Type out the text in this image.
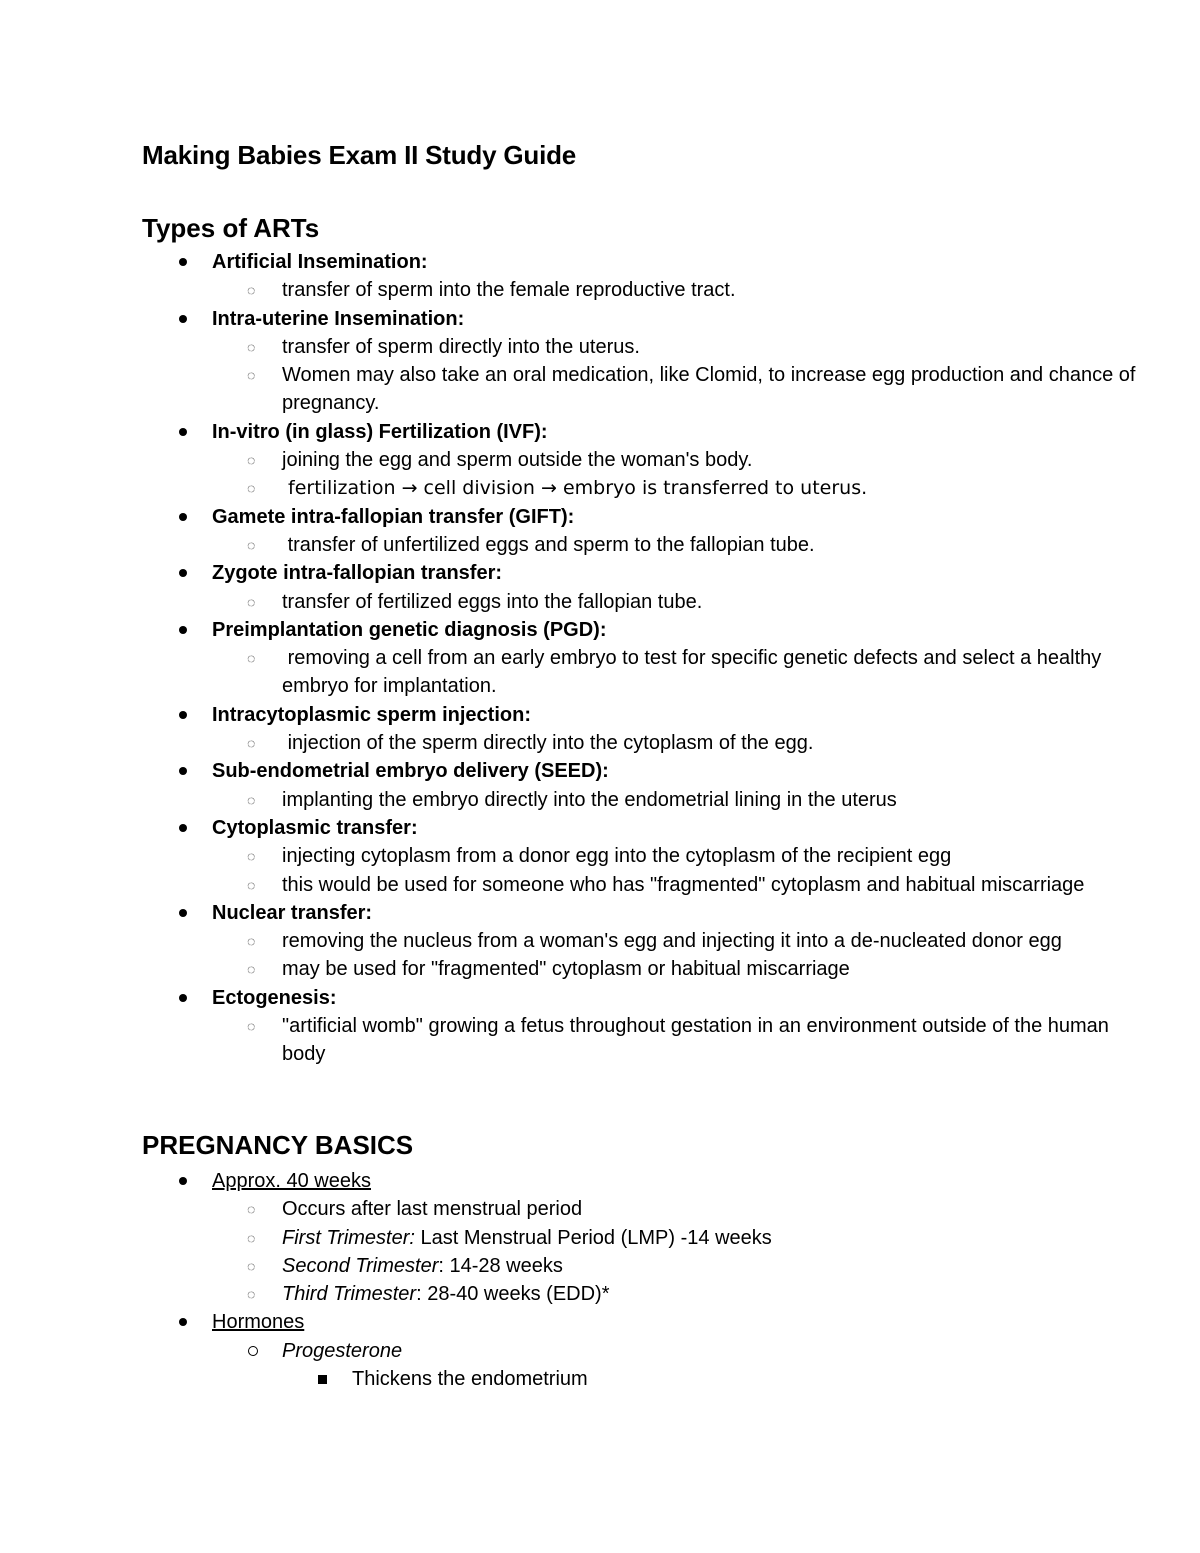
Making Babies Exam II Study Guide
Types of ARTs
Artificial Insemination:
◌ transfer of sperm into the female reproductive tract.
Intra-uterine Insemination:
◌ transfer of sperm directly into the uterus.
◌ Women may also take an oral medication, like Clomid, to increase egg production and chance of pregnancy.
In-vitro (in glass) Fertilization (IVF):
◌ joining the egg and sperm outside the woman's body.
◌ fertilization → cell division → embryo is transferred to uterus.
Gamete intra-fallopian transfer (GIFT):
◌ transfer of unfertilized eggs and sperm to the fallopian tube.
Zygote intra-fallopian transfer:
◌ transfer of fertilized eggs into the fallopian tube.
Preimplantation genetic diagnosis (PGD):
◌ removing a cell from an early embryo to test for specific genetic defects and select a healthy embryo for implantation.
Intracytoplasmic sperm injection:
◌ injection of the sperm directly into the cytoplasm of the egg.
Sub-endometrial embryo delivery (SEED):
◌ implanting the embryo directly into the endometrial lining in the uterus
Cytoplasmic transfer:
◌ injecting cytoplasm from a donor egg into the cytoplasm of the recipient egg
◌ this would be used for someone who has "fragmented" cytoplasm and habitual miscarriage
Nuclear transfer:
◌ removing the nucleus from a woman's egg and injecting it into a de-nucleated donor egg
◌ may be used for "fragmented" cytoplasm or habitual miscarriage
Ectogenesis:
◌ "artificial womb" growing a fetus throughout gestation in an environment outside of the human body
PREGNANCY BASICS
Approx. 40 weeks
◌ Occurs after last menstrual period
◌ First Trimester: Last Menstrual Period (LMP) -14 weeks
◌ Second Trimester: 14-28 weeks
◌ Third Trimester: 28-40 weeks (EDD)*
Hormones
Progesterone
Thickens the endometrium
